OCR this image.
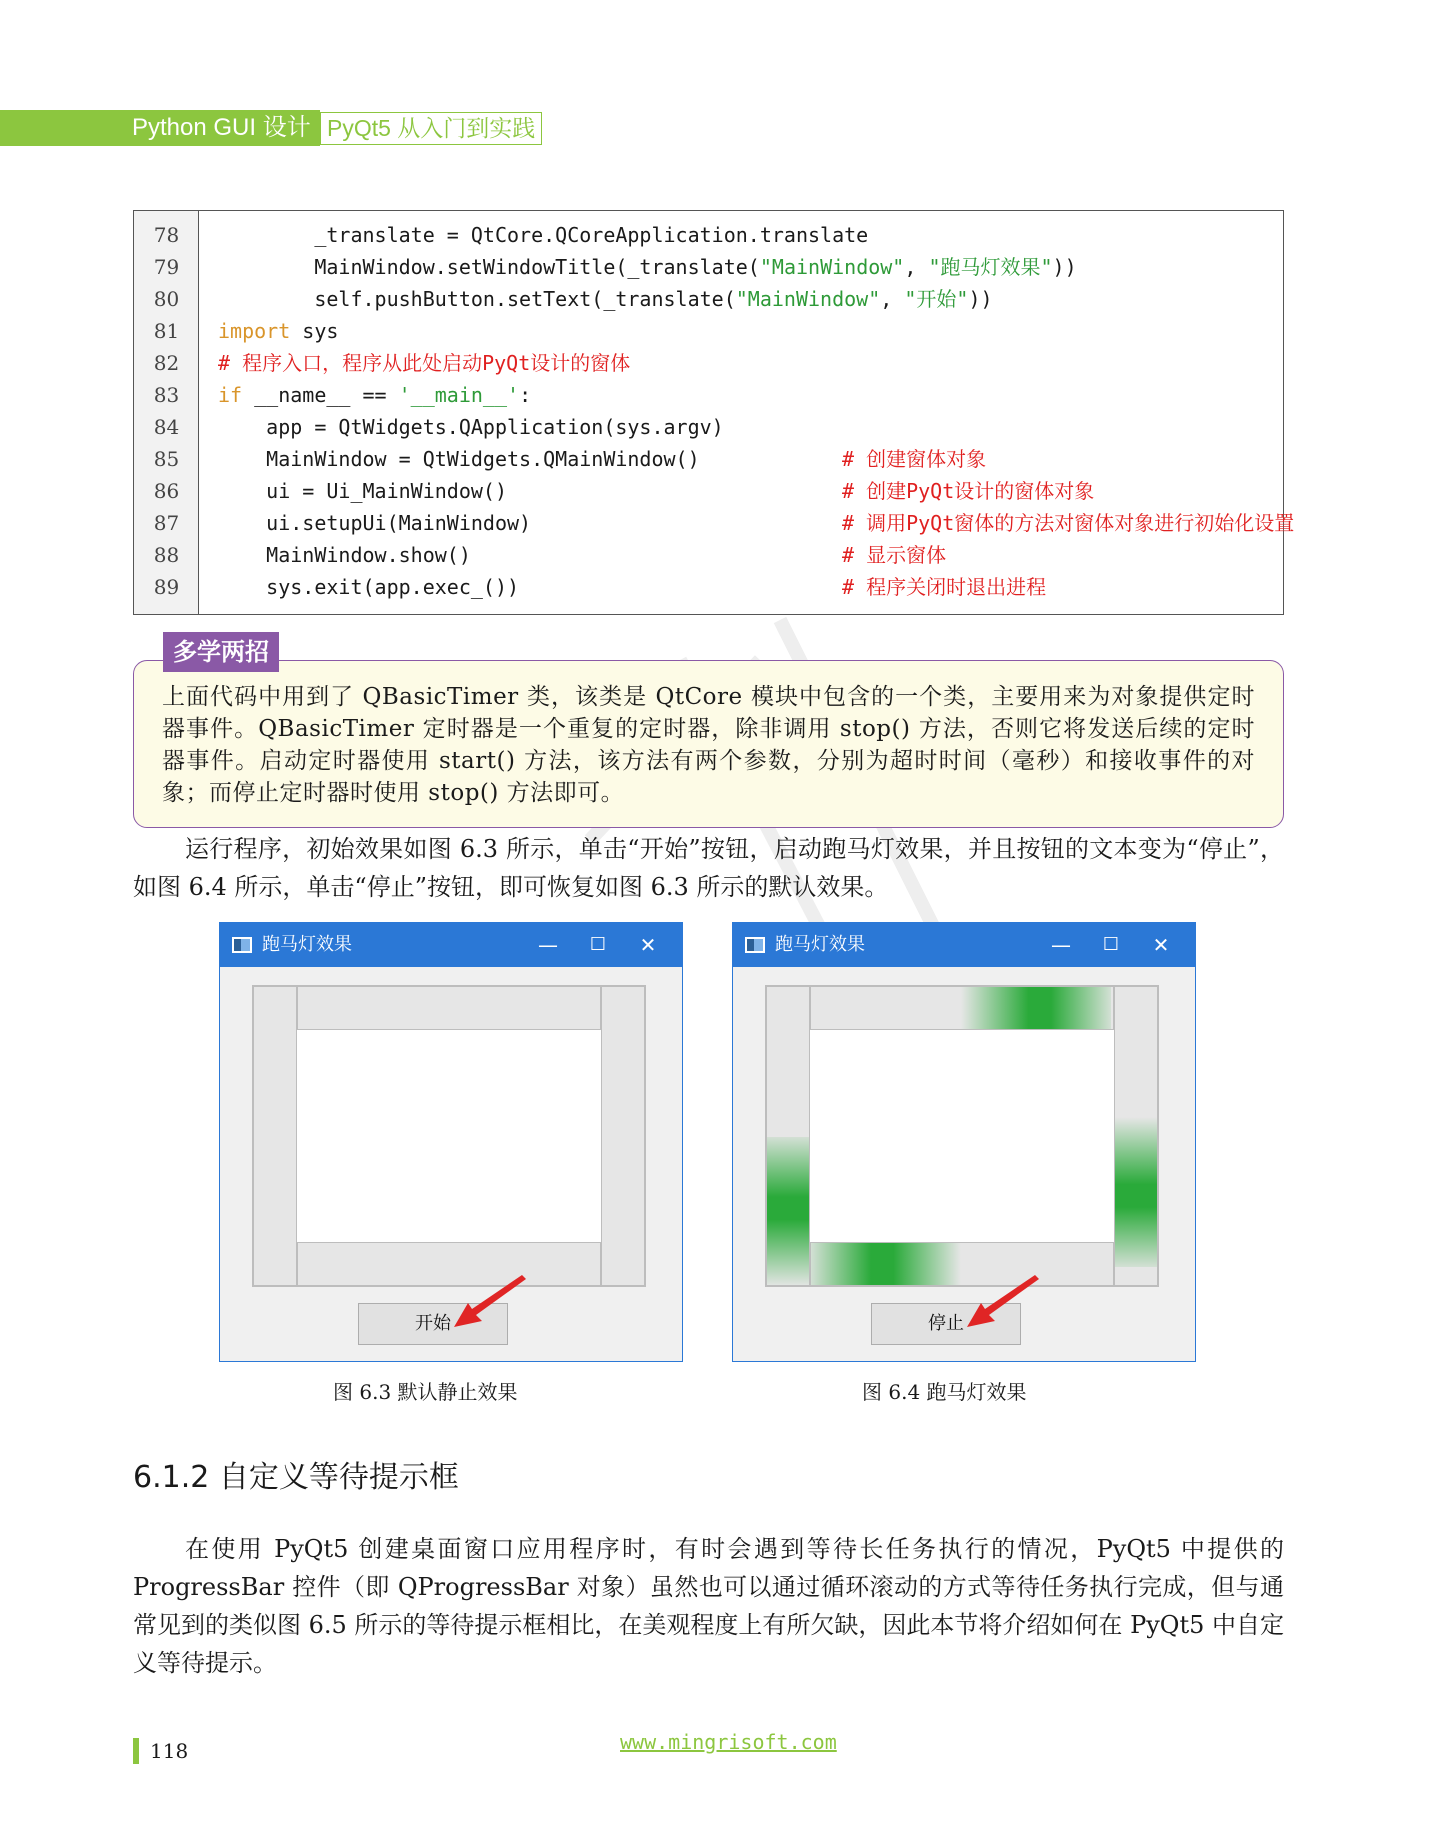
Python GUI 设计 PyQt5 从入门到实践
78	_translate = QtCore.QCoreApplication.translate
79	MainWindow.setWindowTitle(_translate("MainWindow", "跑马灯效果"))
80	self.pushButton.setText(_translate("MainWindow", "开始"))
81	import sys
82	# 程序入口，程序从此处启动PyQt设计的窗体
83	if __name__ == '__main__':
84	app = QtWidgets.QApplication(sys.argv)
85	MainWindow = QtWidgets.QMainWindow()	# 创建窗体对象
86	ui = Ui_MainWindow()	# 创建PyQt设计的窗体对象
87	ui.setupUi(MainWindow)	# 调用PyQt窗体的方法对窗体对象进行初始化设置
88	MainWindow.show()	# 显示窗体
89	sys.exit(app.exec_())	# 程序关闭时退出进程
上面代码中用到了 QBasicTimer 类，该类是 QtCore 模块中包含的一个类，主要用来为对象提供定时器事件。QBasicTimer 定时器是一个重复的定时器，除非调用 stop() 方法，否则它将发送后续的定时器事件。启动定时器使用 start() 方法，该方法有两个参数，分别为超时时间（毫秒）和接收事件的对象；而停止定时器时使用 stop() 方法即可。
多学两招
运行程序，初始效果如图 6.3 所示，单击“开始”按钮，启动跑马灯效果，并且按钮的文本变为“停止”，如图 6.4 所示，单击“停止”按钮，即可恢复如图 6.3 所示的默认效果。
跑马灯效果	—	☐	✕
开始
跑马灯效果	—	☐	✕
停止
图 6.3 默认静止效果	图 6.4 跑马灯效果
6.1.2 自定义等待提示框
在使用 PyQt5 创建桌面窗口应用程序时，有时会遇到等待长任务执行的情况，PyQt5 中提供的 ProgressBar 控件（即 QProgressBar 对象）虽然也可以通过循环滚动的方式等待任务执行完成，但与通常见到的类似图 6.5 所示的等待提示框相比，在美观程度上有所欠缺，因此本节将介绍如何在 PyQt5 中自定义等待提示。
118	www.mingrisoft.com
